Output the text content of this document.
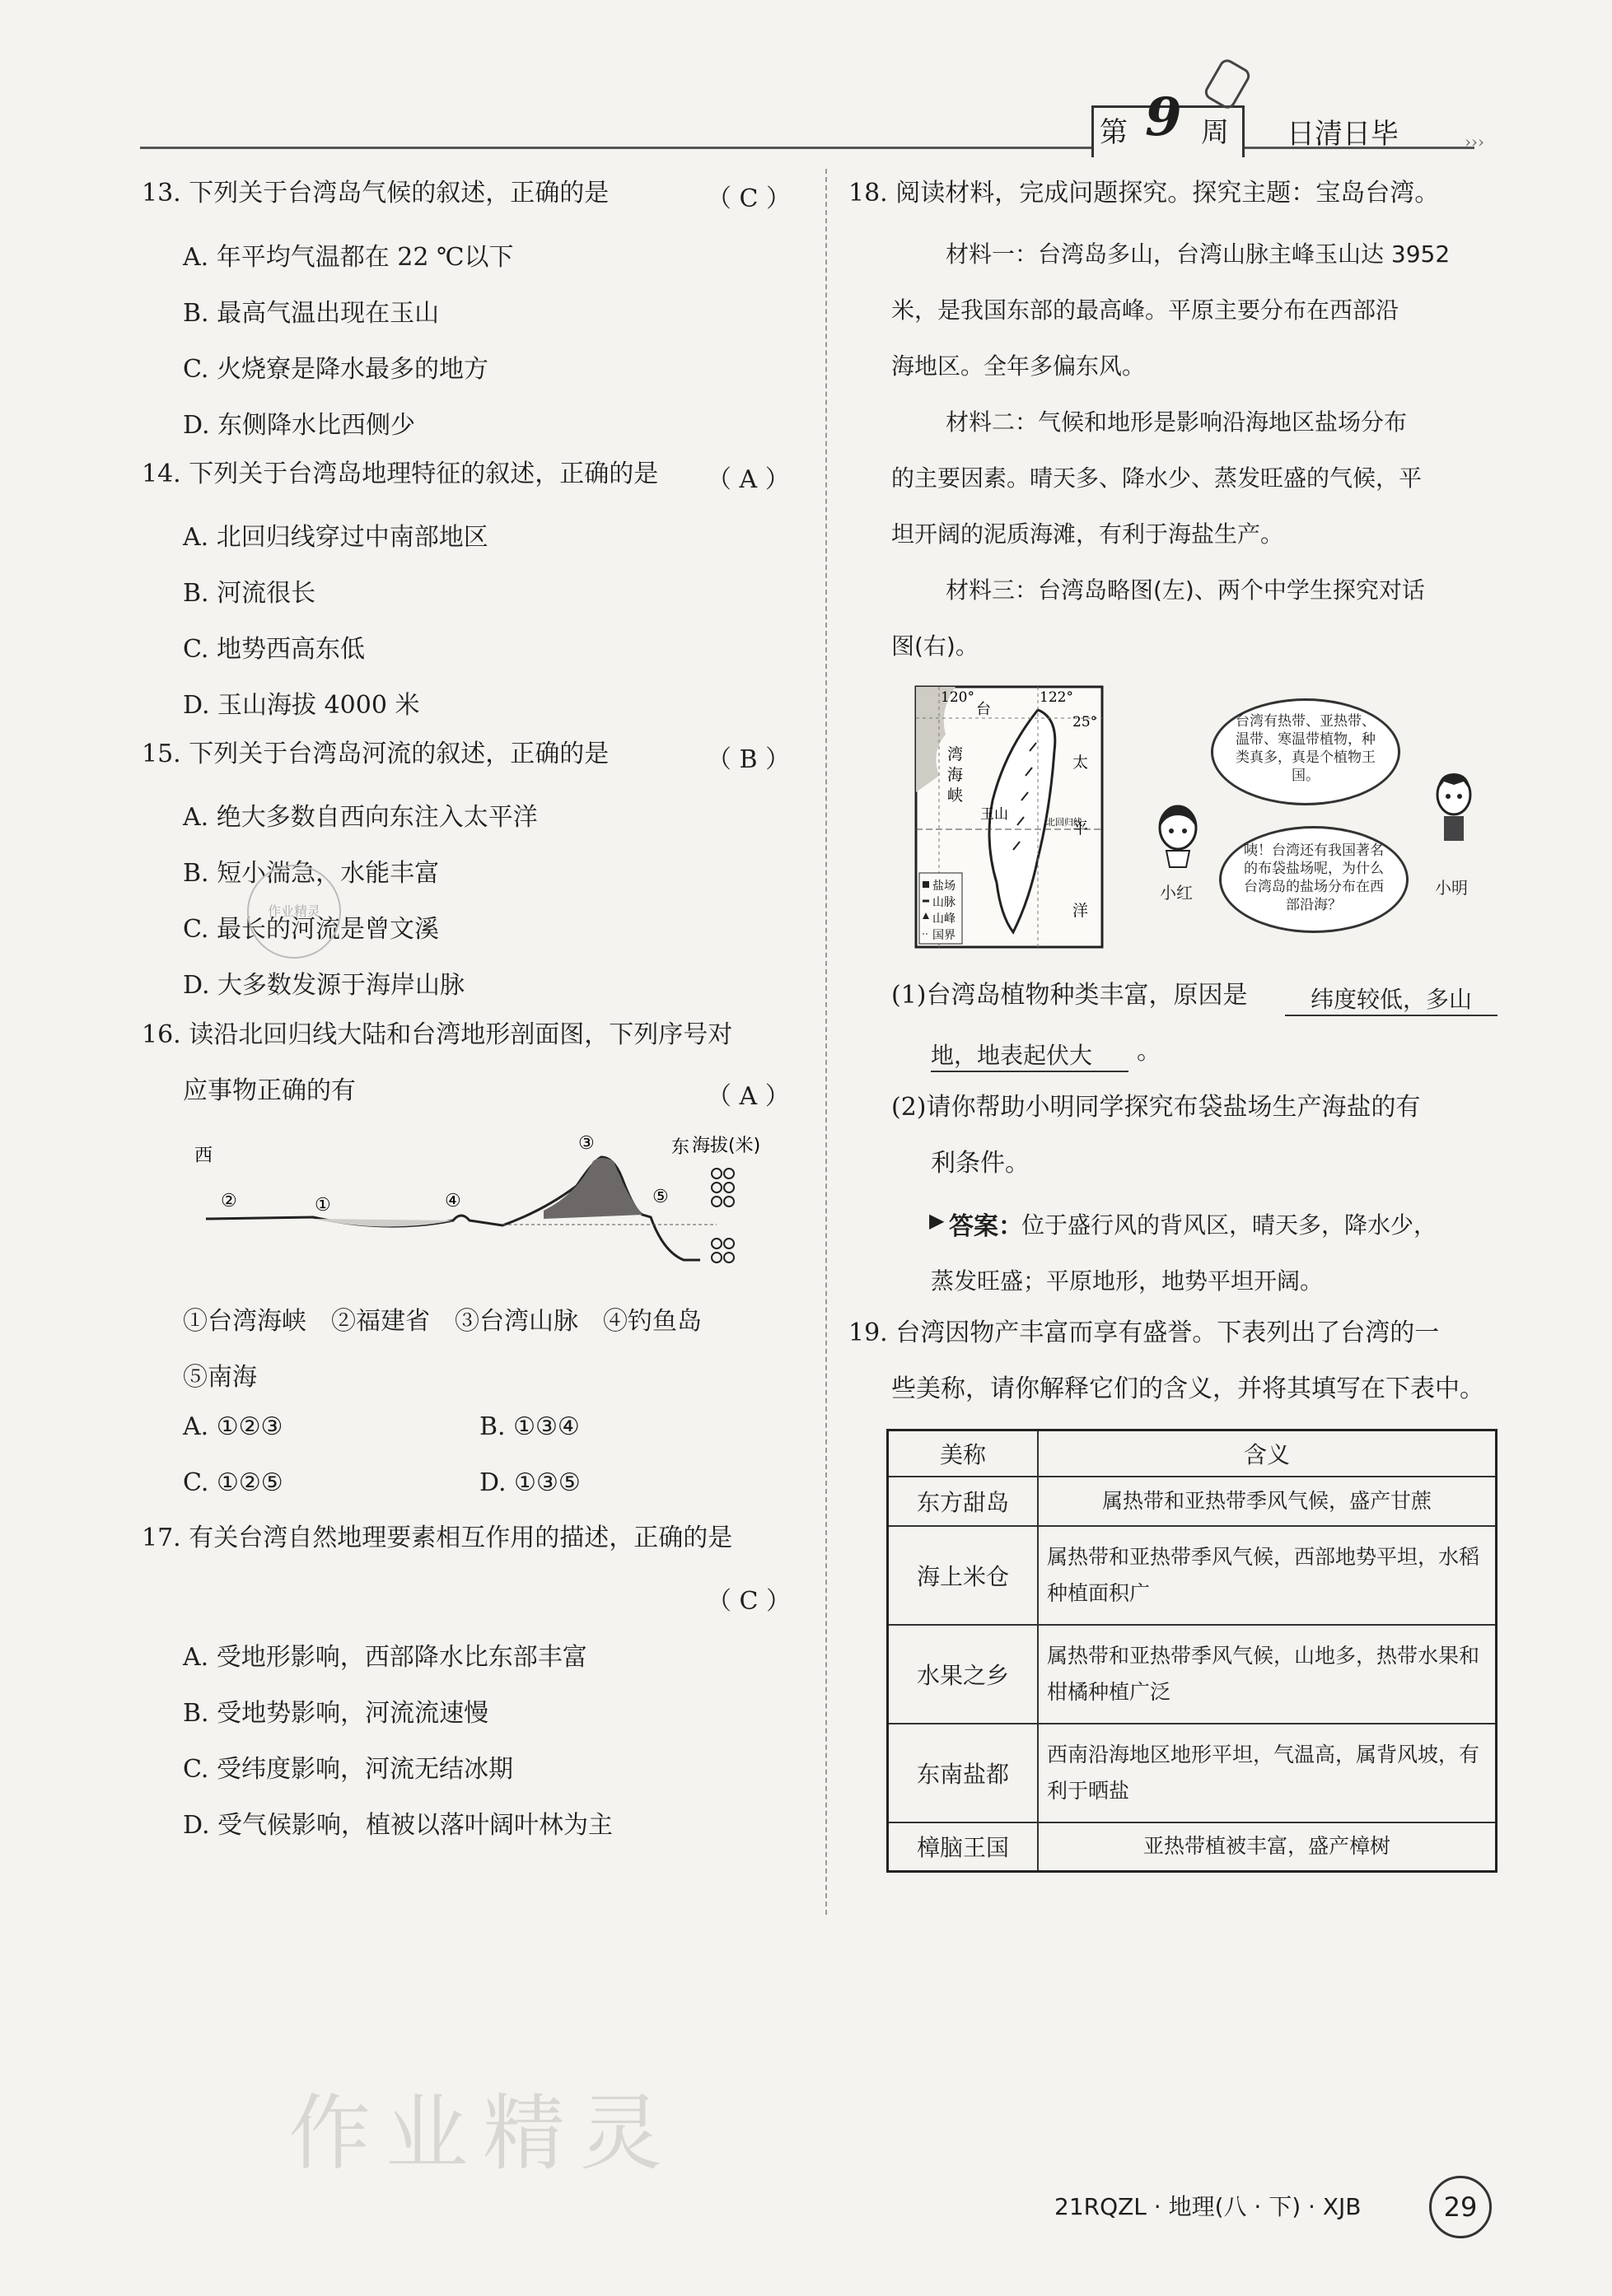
第 9 周 日清日毕	›››
13. 下列关于台湾岛气候的叙述，正确的是	（ C ）
A. 年平均气温都在 22 ℃以下
B. 最高气温出现在玉山
C. 火烧寮是降水最多的地方
D. 东侧降水比西侧少
14. 下列关于台湾岛地理特征的叙述，正确的是 （ A ）
A. 北回归线穿过中南部地区
B. 河流很长
C. 地势西高东低
D. 玉山海拔 4000 米
15. 下列关于台湾岛河流的叙述，正确的是	（ B ）
A. 绝大多数自西向东注入太平洋
B. 短小湍急，水能丰富
C. 最长的河流是曾文溪
D. 大多数发源于海岸山脉
作业精灵
16. 读沿北回归线大陆和台湾地形剖面图，下列序号对
应事物正确的有	（ A ）
西	东 海拔(米)
②	①	④
③
⑤
①台湾海峡　②福建省　③台湾山脉　④钓鱼岛
⑤南海
A. ①②③	B. ①③④
C. ①②⑤	D. ①③⑤
17. 有关台湾自然地理要素相互作用的描述，正确的是
（ C ）
A. 受地形影响，西部降水比东部丰富
B. 受地势影响，河流流速慢
C. 受纬度影响，河流无结冰期
D. 受气候影响，植被以落叶阔叶林为主
18. 阅读材料，完成问题探究。探究主题：宝岛台湾。
材料一：台湾岛多山，台湾山脉主峰玉山达 3952
米，是我国东部的最高峰。平原主要分布在西部沿
海地区。全年多偏东风。
材料二：气候和地形是影响沿海地区盐场分布
的主要因素。晴天多、降水少、蒸发旺盛的气候，平
坦开阔的泥质海滩，有利于海盐生产。
材料三：台湾岛略图(左)、两个中学生探究对话
图(右)。
120°	122°
25°
台
湾
海
峡
太
平
洋
玉山	北回归线
盐场
山脉
山峰
国界
台湾有热带、亚热带、温带、寒温带植物，种类真多，真是个植物王国。
咦！台湾还有我国著名的布袋盐场呢，为什么台湾岛的盐场分布在西部沿海？
小红	小明
(1)台湾岛植物种类丰富，原因是	纬度较低，多山
地，地表起伏大	。
(2)请你帮助小明同学探究布袋盐场生产海盐的有
利条件。
▶ 答案：
位于盛行风的背风区，晴天多，降水少，
蒸发旺盛；平原地形，地势平坦开阔。
19. 台湾因物产丰富而享有盛誉。下表列出了台湾的一
些美称，请你解释它们的含义，并将其填写在下表中。
美称	含义
东方甜岛	属热带和亚热带季风气候，盛产甘蔗
海上米仓	属热带和亚热带季风气候，西部地势平坦，水稻种植面积广
水果之乡	属热带和亚热带季风气候，山地多，热带水果和柑橘种植广泛
东南盐都	西南沿海地区地形平坦，气温高，属背风坡，有利于晒盐
樟脑王国	亚热带植被丰富，盛产樟树
作业精灵
21RQZL · 地理(八 · 下) · XJB	29
